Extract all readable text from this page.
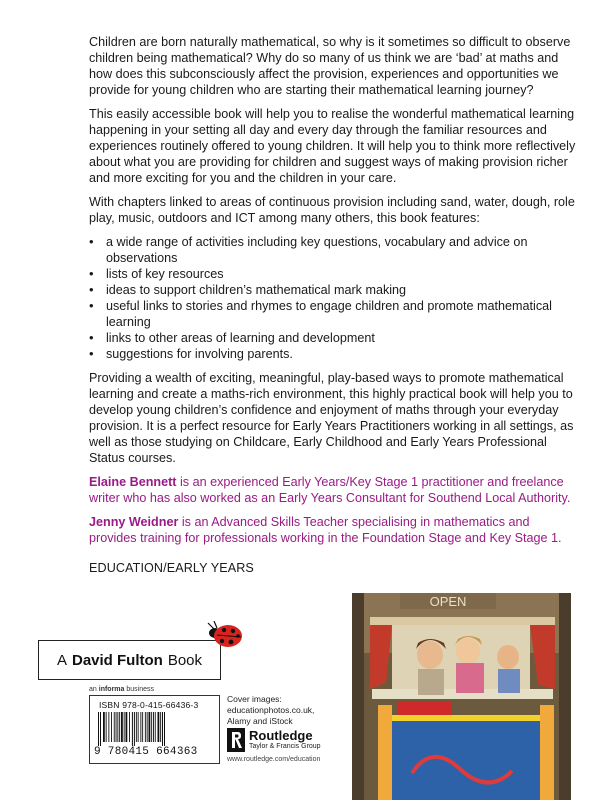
Children are born naturally mathematical, so why is it sometimes so difficult to observe children being mathematical? Why do so many of us think we are ‘bad’ at maths and how does this subconsciously affect the provision, experiences and opportunities we provide for young children who are starting their mathematical learning journey?

This easily accessible book will help you to realise the wonderful mathematical learning happening in your setting all day and every day through the familiar resources and experiences routinely offered to young children. It will help you to think more reflectively about what you are providing for children and suggest ways of making provision richer and more exciting for you and the children in your care.

With chapters linked to areas of continuous provision including sand, water, dough, role play, music, outdoors and ICT among many others, this book features:

• a wide range of activities including key questions, vocabulary and advice on observations
• lists of key resources
• ideas to support children’s mathematical mark making
• useful links to stories and rhymes to engage children and promote mathematical learning
• links to other areas of learning and development
• suggestions for involving parents.

Providing a wealth of exciting, meaningful, play-based ways to promote mathematical learning and create a maths-rich environment, this highly practical book will help you to develop young children’s confidence and enjoyment of maths through your everyday provision. It is a perfect resource for Early Years Practitioners working in all settings, as well as those studying on Childcare, Early Childhood and Early Years Professional Status courses.

Elaine Bennett is an experienced Early Years/Key Stage 1 practitioner and freelance writer who has also worked as an Early Years Consultant for Southend Local Authority.

Jenny Weidner is an Advanced Skills Teacher specialising in mathematics and provides training for professionals working in the Foundation Stage and Key Stage 1.

EDUCATION/EARLY YEARS
A David Fulton Book
an informa business
ISBN 978-0-415-66436-3
9 780415 664363
Cover images:
educationphotos.co.uk,
Alamy and iStock
Routledge
Taylor & Francis Group
www.routledge.com/education
OPEN
